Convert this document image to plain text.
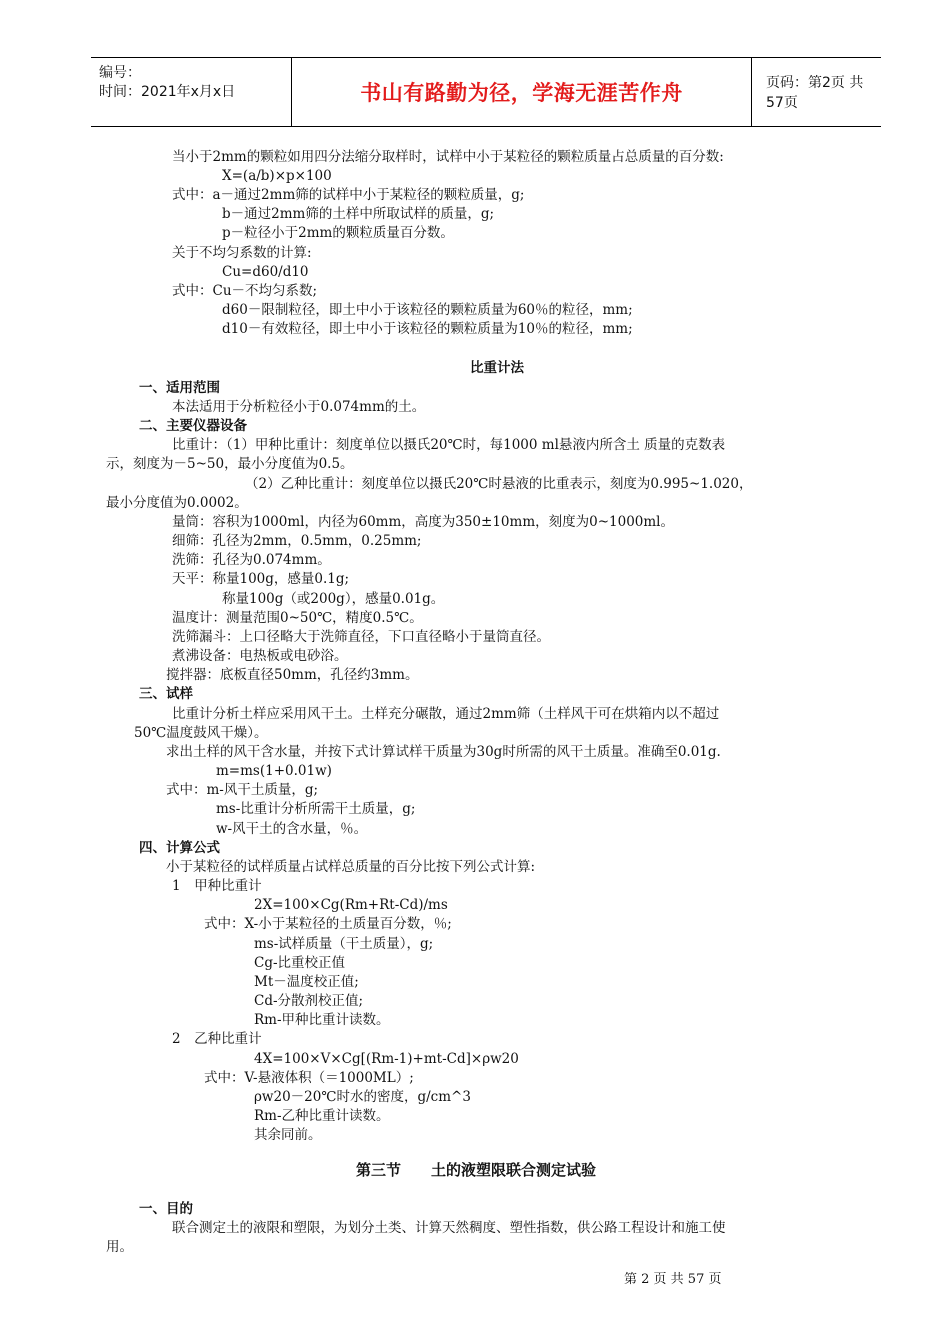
编号：
时间：2021年x月x日	书山有路勤为径，学海无涯苦作舟	页码：第2页 共57页
当小于2mm的颗粒如用四分法缩分取样时，试样中小于某粒径的颗粒质量占总质量的百分数:
X=(a/b)×p×100
式中：a－通过2mm筛的试样中小于某粒径的颗粒质量，g;
b－通过2mm筛的土样中所取试样的质量，g;
p－粒径小于2mm的颗粒质量百分数。
关于不均匀系数的计算:
Cu=d60/d10
式中：Cu－不均匀系数;
d60－限制粒径，即土中小于该粒径的颗粒质量为60％的粒径，mm;
d10－有效粒径，即土中小于该粒径的颗粒质量为10％的粒径，mm;
比重计法
一、适用范围
本法适用于分析粒径小于0.074mm的土。
二、主要仪器设备
比重计：（1）甲种比重计：刻度单位以摄氏20℃时，每1000 ml悬液内所含土 质量的克数表
示，刻度为－5~50，最小分度值为0.5。
（2）乙种比重计：刻度单位以摄氏20℃时悬液的比重表示，刻度为0.995~1.020，
最小分度值为0.0002。
量筒：容积为1000ml，内径为60mm，高度为350±10mm，刻度为0~1000ml。
细筛：孔径为2mm，0.5mm，0.25mm;
洗筛：孔径为0.074mm。
天平：称量100g，感量0.1g;
称量100g（或200g），感量0.01g。
温度计：测量范围0~50℃，精度0.5℃。
洗筛漏斗：上口径略大于洗筛直径，下口直径略小于量筒直径。
煮沸设备：电热板或电砂浴。
搅拌器：底板直径50mm，孔径约3mm。
三、试样
比重计分析土样应采用风干土。土样充分碾散，通过2mm筛（土样风干可在烘箱内以不超过
50℃温度鼓风干燥）。
求出土样的风干含水量，并按下式计算试样干质量为30g时所需的风干土质量。准确至0.01g.
m=ms(1+0.01w)
式中：m-风干土质量，g;
ms-比重计分析所需干土质量，g;
w-风干土的含水量，％。
四、计算公式
小于某粒径的试样质量占试样总质量的百分比按下列公式计算:
1　甲种比重计
2X=100×Cg(Rm+Rt-Cd)/ms
式中：X-小于某粒径的土质量百分数，％;
ms-试样质量（干土质量），g;
Cg-比重校正值
Mt－温度校正值;
Cd-分散剂校正值;
Rm-甲种比重计读数。
2　乙种比重计
4X=100×V×Cg[(Rm-1)+mt-Cd]×ρw20
式中：V-悬液体积（＝1000ML）;
ρw20－20℃时水的密度，g/cm^3
Rm-乙种比重计读数。
其余同前。
第三节　　土的液塑限联合测定试验
一、目的
联合测定土的液限和塑限，为划分土类、计算天然稠度、塑性指数，供公路工程设计和施工使
用。
第 2 页 共 57 页
